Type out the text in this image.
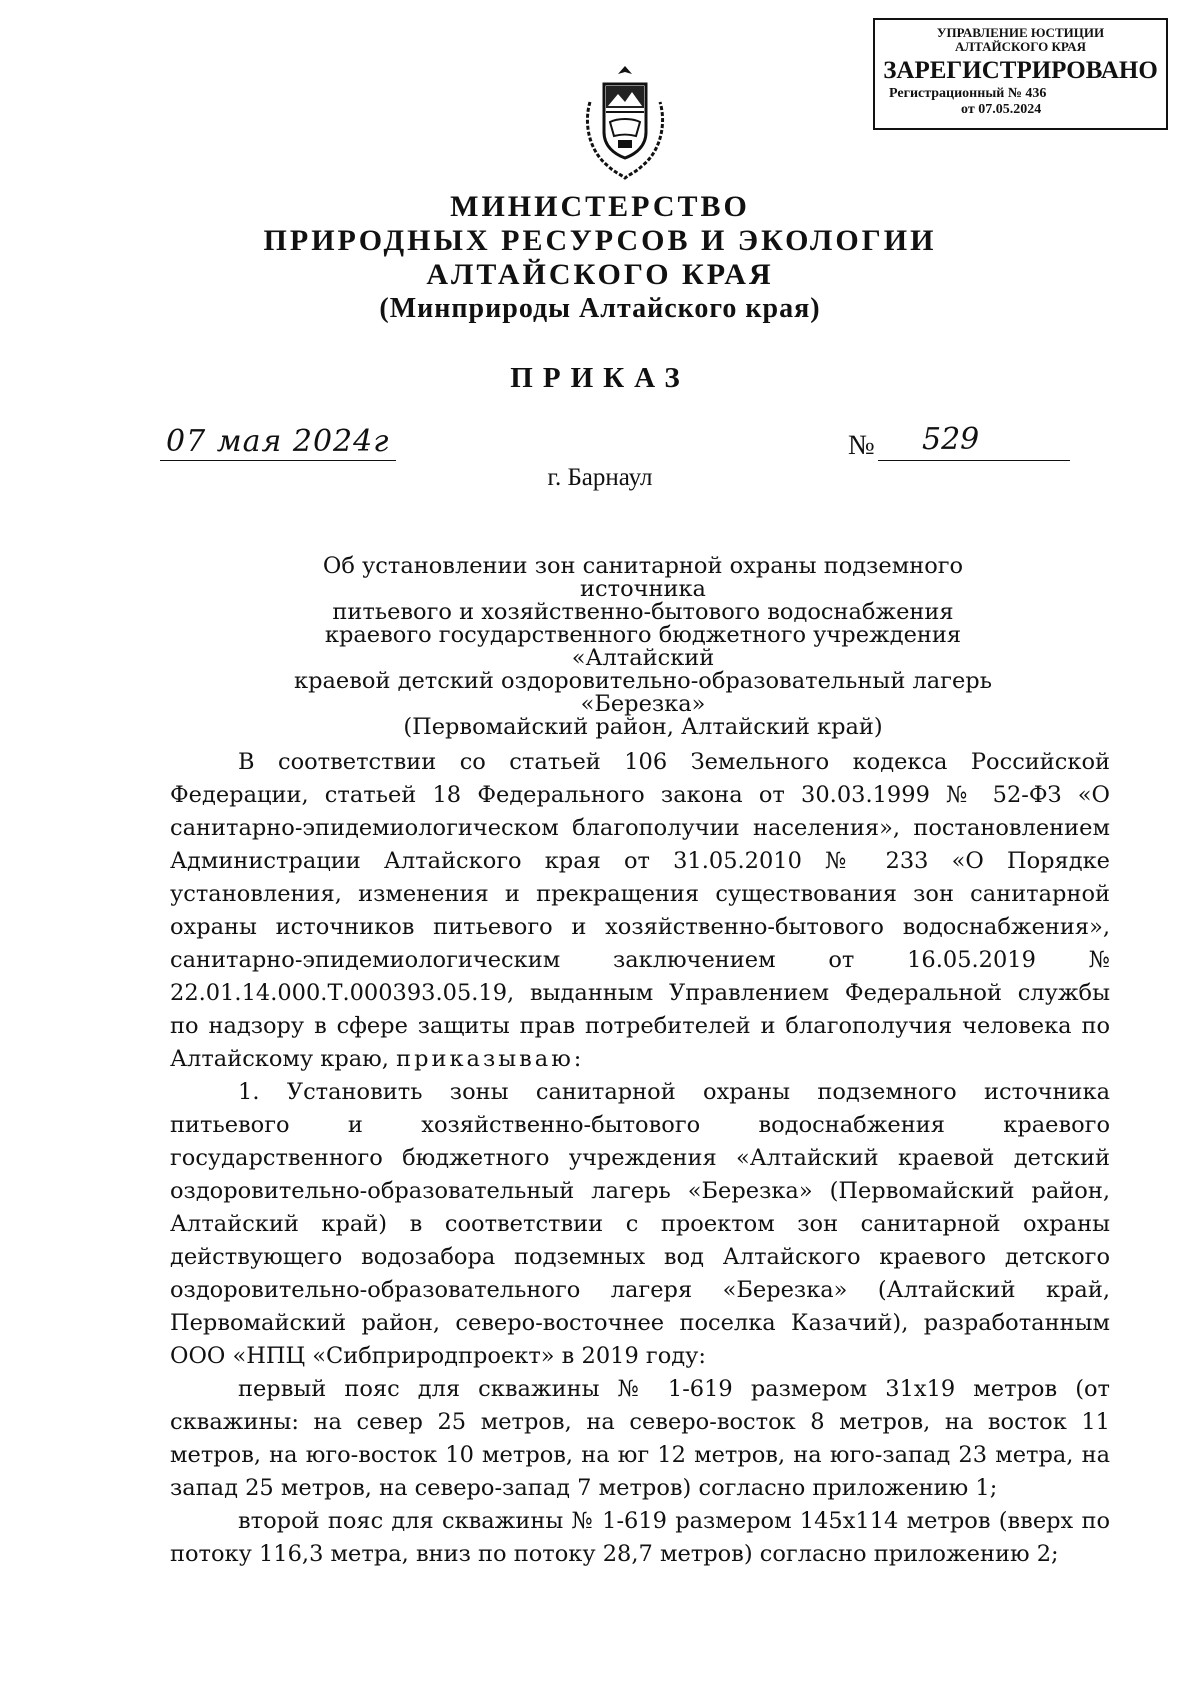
УПРАВЛЕНИЕ ЮСТИЦИИ
АЛТАЙСКОГО КРАЯ
ЗАРЕГИСТРИРОВАНО
Регистрационный № 436
от 07.05.2024
МИНИСТЕРСТВО
ПРИРОДНЫХ РЕСУРСОВ И ЭКОЛОГИИ
АЛТАЙСКОГО КРАЯ
(Минприроды Алтайского края)
ПРИКАЗ
07 мая 2024г	№ 529
г. Барнаул
Об установлении зон санитарной охраны подземного источника
питьевого и хозяйственно-бытового водоснабжения
краевого государственного бюджетного учреждения «Алтайский
краевой детский оздоровительно-образовательный лагерь «Березка»
(Первомайский район, Алтайский край)

В соответствии со статьей 106 Земельного кодекса Российской Федерации, статьей 18 Федерального закона от 30.03.1999 № 52-ФЗ «О санитарно-эпидемиологическом благополучии населения», постановлением Администрации Алтайского края от 31.05.2010 № 233 «О Порядке установления, изменения и прекращения существования зон санитарной охраны источников питьевого и хозяйственно-бытового водоснабжения», санитарно-эпидемиологическим заключением от 16.05.2019 № 22.01.14.000.Т.000393.05.19, выданным Управлением Федеральной службы по надзору в сфере защиты прав потребителей и благополучия человека по Алтайскому краю, приказываю:

1. Установить зоны санитарной охраны подземного источника питьевого и хозяйственно-бытового водоснабжения краевого государственного бюджетного учреждения «Алтайский краевой детский оздоровительно-образовательный лагерь «Березка» (Первомайский район, Алтайский край) в соответствии с проектом зон санитарной охраны действующего водозабора подземных вод Алтайского краевого детского оздоровительно-образовательного лагеря «Березка» (Алтайский край, Первомайский район, северо-восточнее поселка Казачий), разработанным ООО «НПЦ «Сибприродпроект» в 2019 году:

первый пояс для скважины № 1-619 размером 31х19 метров (от скважины: на север 25 метров, на северо-восток 8 метров, на восток 11 метров, на юго-восток 10 метров, на юг 12 метров, на юго-запад 23 метра, на запад 25 метров, на северо-запад 7 метров) согласно приложению 1;

второй пояс для скважины № 1-619 размером 145х114 метров (вверх по потоку 116,3 метра, вниз по потоку 28,7 метров) согласно приложению 2;
